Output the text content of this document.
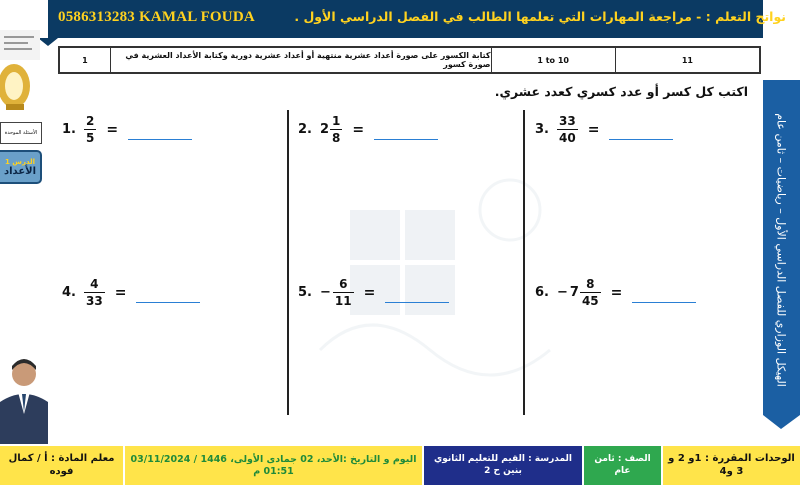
0586313283 KAMAL FOUDA	نواتج التعلم : - مراجعة المهارات التي تعلمها الطالب في الفصل الدراسي الأول .
1	كتابة الكسور على صورة أعداد عشرية منتهية أو أعداد عشرية دورية وكتابة الأعداد العشرية في صورة كسور	1 to 10	11
اكتب كل كسر أو عدد كسري كعدد عشري.
1. $\frac{2}{5}$ =	2. $2 \frac{1}{8}$ =	3. $\frac{33}{40}$ =
4. $\frac{4}{33}$ =	5. − $\frac{6}{11}$ =	6. − $7 \frac{8}{45}$ =
الأسئلة الموحدة
الدرس 1
الأعداد	الهيكل الوزاري للفصل الدراسي الأول – رياضيات – ثامن عام
الوحدات المقررة : 1و 2 و 3 و4
الصف : ثامن عام
المدرسة : القيم للتعليم الثانوي بنين ح 2
اليوم و التاريخ :الأحد، 02 جمادى الأولى، 1446 / 03/11/2024 01:51 م
معلم المادة : أ / كمال فوده
